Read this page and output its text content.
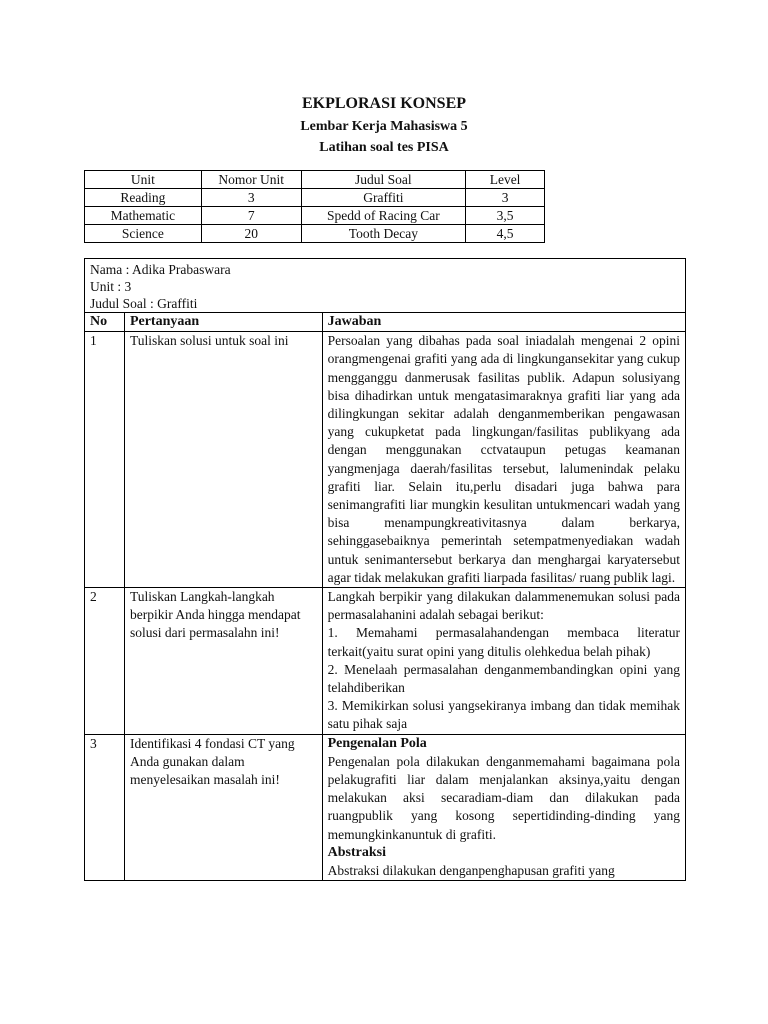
EKPLORASI KONSEP
Lembar Kerja Mahasiswa 5
Latihan soal tes PISA
Unit	Nomor Unit	Judul Soal	Level
Reading	3	Graffiti	3
Mathematic	7	Spedd of Racing Car	3,5
Science	20	Tooth Decay	4,5
Nama : Adika Prabaswara
Unit : 3
Judul Soal : Graffiti		

No	Pertanyaan	Jawaban
1	Tuliskan solusi untuk soal ini	Persoalan yang dibahas pada soal iniadalah mengenai 2 opini orangmengenai grafiti yang ada di lingkungansekitar yang cukup mengganggu danmerusak fasilitas publik. Adapun solusiyang bisa dihadirkan untuk mengatasimaraknya grafiti liar yang ada dilingkungan sekitar adalah denganmemberikan pengawasan yang cukupketat pada lingkungan/fasilitas publikyang ada dengan menggunakan cctvataupun petugas keamanan yangmenjaga daerah/fasilitas tersebut, lalumenindak pelaku grafiti liar. Selain itu,perlu disadari juga bahwa para senimangrafiti liar mungkin kesulitan untukmencari wadah yang bisa menampungkreativitasnya dalam berkarya, sehinggasebaiknya pemerintah setempatmenyediakan wadah untuk senimantersebut berkarya dan menghargai karyatersebut agar tidak melakukan grafiti liarpada fasilitas/ ruang publik lagi.
2	Tuliskan Langkah-langkah berpikir Anda hingga mendapat solusi dari permasalahn ini!	Langkah berpikir yang dilakukan dalammenemukan solusi pada permasalahanini adalah sebagai berikut:
1. Memahami permasalahandengan membaca literatur terkait(yaitu surat opini yang ditulis olehkedua belah pihak)
2. Menelaah permasalahan denganmembandingkan opini yang telahdiberikan
3. Memikirkan solusi yangsekiranya imbang dan tidak memihak satu pihak saja

3	Identifikasi 4 fondasi CT yang Anda gunakan dalam menyelesaikan masalah ini!	Pengenalan Pola
Pengenalan pola dilakukan denganmemahami bagaimana pola pelakugrafiti liar dalam menjalankan aksinya,yaitu dengan melakukan aksi secaradiam-diam dan dilakukan pada ruangpublik yang kosong sepertidinding-dinding yang memungkinkanuntuk di grafiti.
Abstraksi
Abstraksi dilakukan denganpenghapusan grafiti yang
